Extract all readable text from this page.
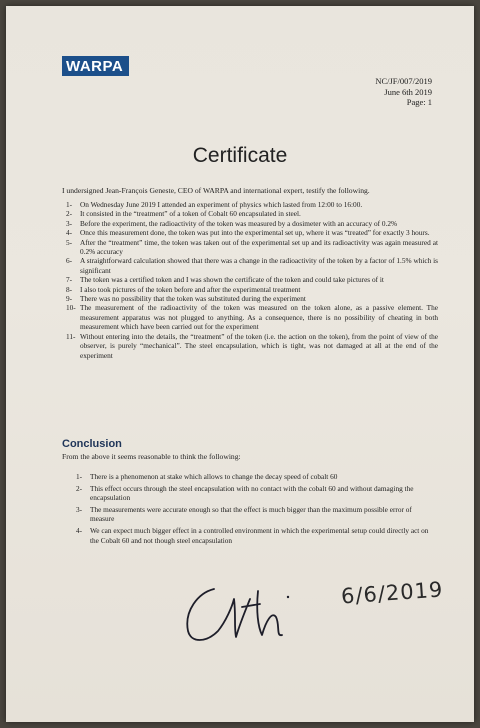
WARPA
NC/JF/007/2019
June 6th 2019
Page: 1
Certificate
I undersigned Jean-François Geneste, CEO of WARPA and international expert, testify the following.
1-	On Wednesday June 2019 I attended an experiment of physics which lasted from 12:00 to 16:00.
2-	It consisted in the “treatment” of a token of Cobalt 60 encapsulated in steel.
3-	Before the experiment, the radioactivity of the token was measured by a dosimeter with an accuracy of 0.2%
4-	Once this measurement done, the token was put into the experimental set up, where it was “treated” for exactly 3 hours.
5-	After the “treatment” time, the token was taken out of the experimental set up and its radioactivity was again measured at 0.2% accuracy
6-	A straightforward calculation showed that there was a change in the radioactivity of the token by a factor of 1.5% which is significant
7-	The token was a certified token and I was shown the certificate of the token and could take pictures of it
8-	I also took pictures of the token before and after the experimental treatment
9-	There was no possibility that the token was substituted during the experiment
10- The measurement of the radioactivity of the token was measured on the token alone, as a passive element. The measurement apparatus was not plugged to anything. As a consequence, there is no possibility of cheating in both measurement which have been carried out for the experiment
11- Without entering into the details, the “treatment” of the token (i.e. the action on the token), from the point of view of the observer, is purely “mechanical”. The steel encapsulation, which is tight, was not damaged at all at the end of the experiment
Conclusion
From the above it seems reasonable to think the following:
1-	There is a phenomenon at stake which allows to change the decay speed of cobalt 60
2-	This effect occurs through the steel encapsulation with no contact with the cobalt 60 and without damaging the encapsulation
3-	The measurements were accurate enough so that the effect is much bigger than the maximum possible error of measure
4-	We can expect much bigger effect in a controlled environment in which the experimental setup could directly act on the Cobalt 60 and not though steel encapsulation
6/6/2019
